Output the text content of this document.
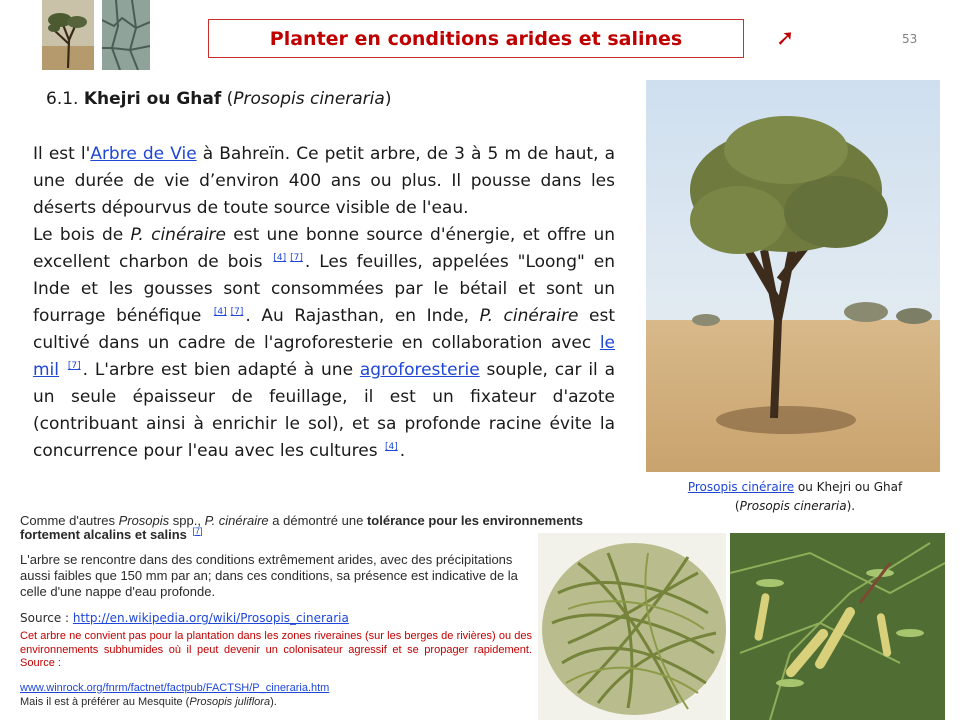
Planter en conditions arides et salines	➚	53
6.1. Khejri ou Ghaf (Prosopis cineraria)

Il est l'Arbre de Vie à Bahreïn. Ce petit arbre, de 3 à 5 m de haut, a une durée de vie d’environ 400 ans ou plus. Il pousse dans les déserts dépourvus de toute source visible de l'eau.

Le bois de P. cinéraire est une bonne source d'énergie, et offre un excellent charbon de bois [4] [7] . Les feuilles, appelées "Loong" en Inde et les gousses sont consommées par le bétail et sont un fourrage bénéfique [4] [7] . Au Rajasthan, en Inde, P. cinéraire est cultivé dans un cadre de l'agroforesterie en collaboration avec le mil [7] . L'arbre est bien adapté à une agroforesterie souple, car il a un seule épaisseur de feuillage, il est un fixateur d'azote (contribuant ainsi à enrichir le sol), et sa profonde racine évite la concurrence pour l'eau avec les cultures [4] .

Prosopis cinéraire ou Khejri ou Ghaf
(Prosopis cineraria).
Comme d'autres Prosopis spp., P. cinéraire a démontré une tolérance pour les environnements fortement alcalins et salins [7]
L'arbre se rencontre dans des conditions extrêmement arides, avec des précipitations aussi faibles que 150 mm par an; dans ces conditions, sa présence est indicative de la celle d'une nappe d'eau profonde.
Source : http://en.wikipedia.org/wiki/Prosopis_cineraria
Cet arbre ne convient pas pour la plantation dans les zones riveraines (sur les berges de rivières) ou des environnements subhumides où il peut devenir un colonisateur agressif et se propager rapidement. Source :
www.winrock.org/fnrm/factnet/factpub/FACTSH/P_cineraria.htm
Mais il est à préférer au Mesquite (Prosopis juliflora).
